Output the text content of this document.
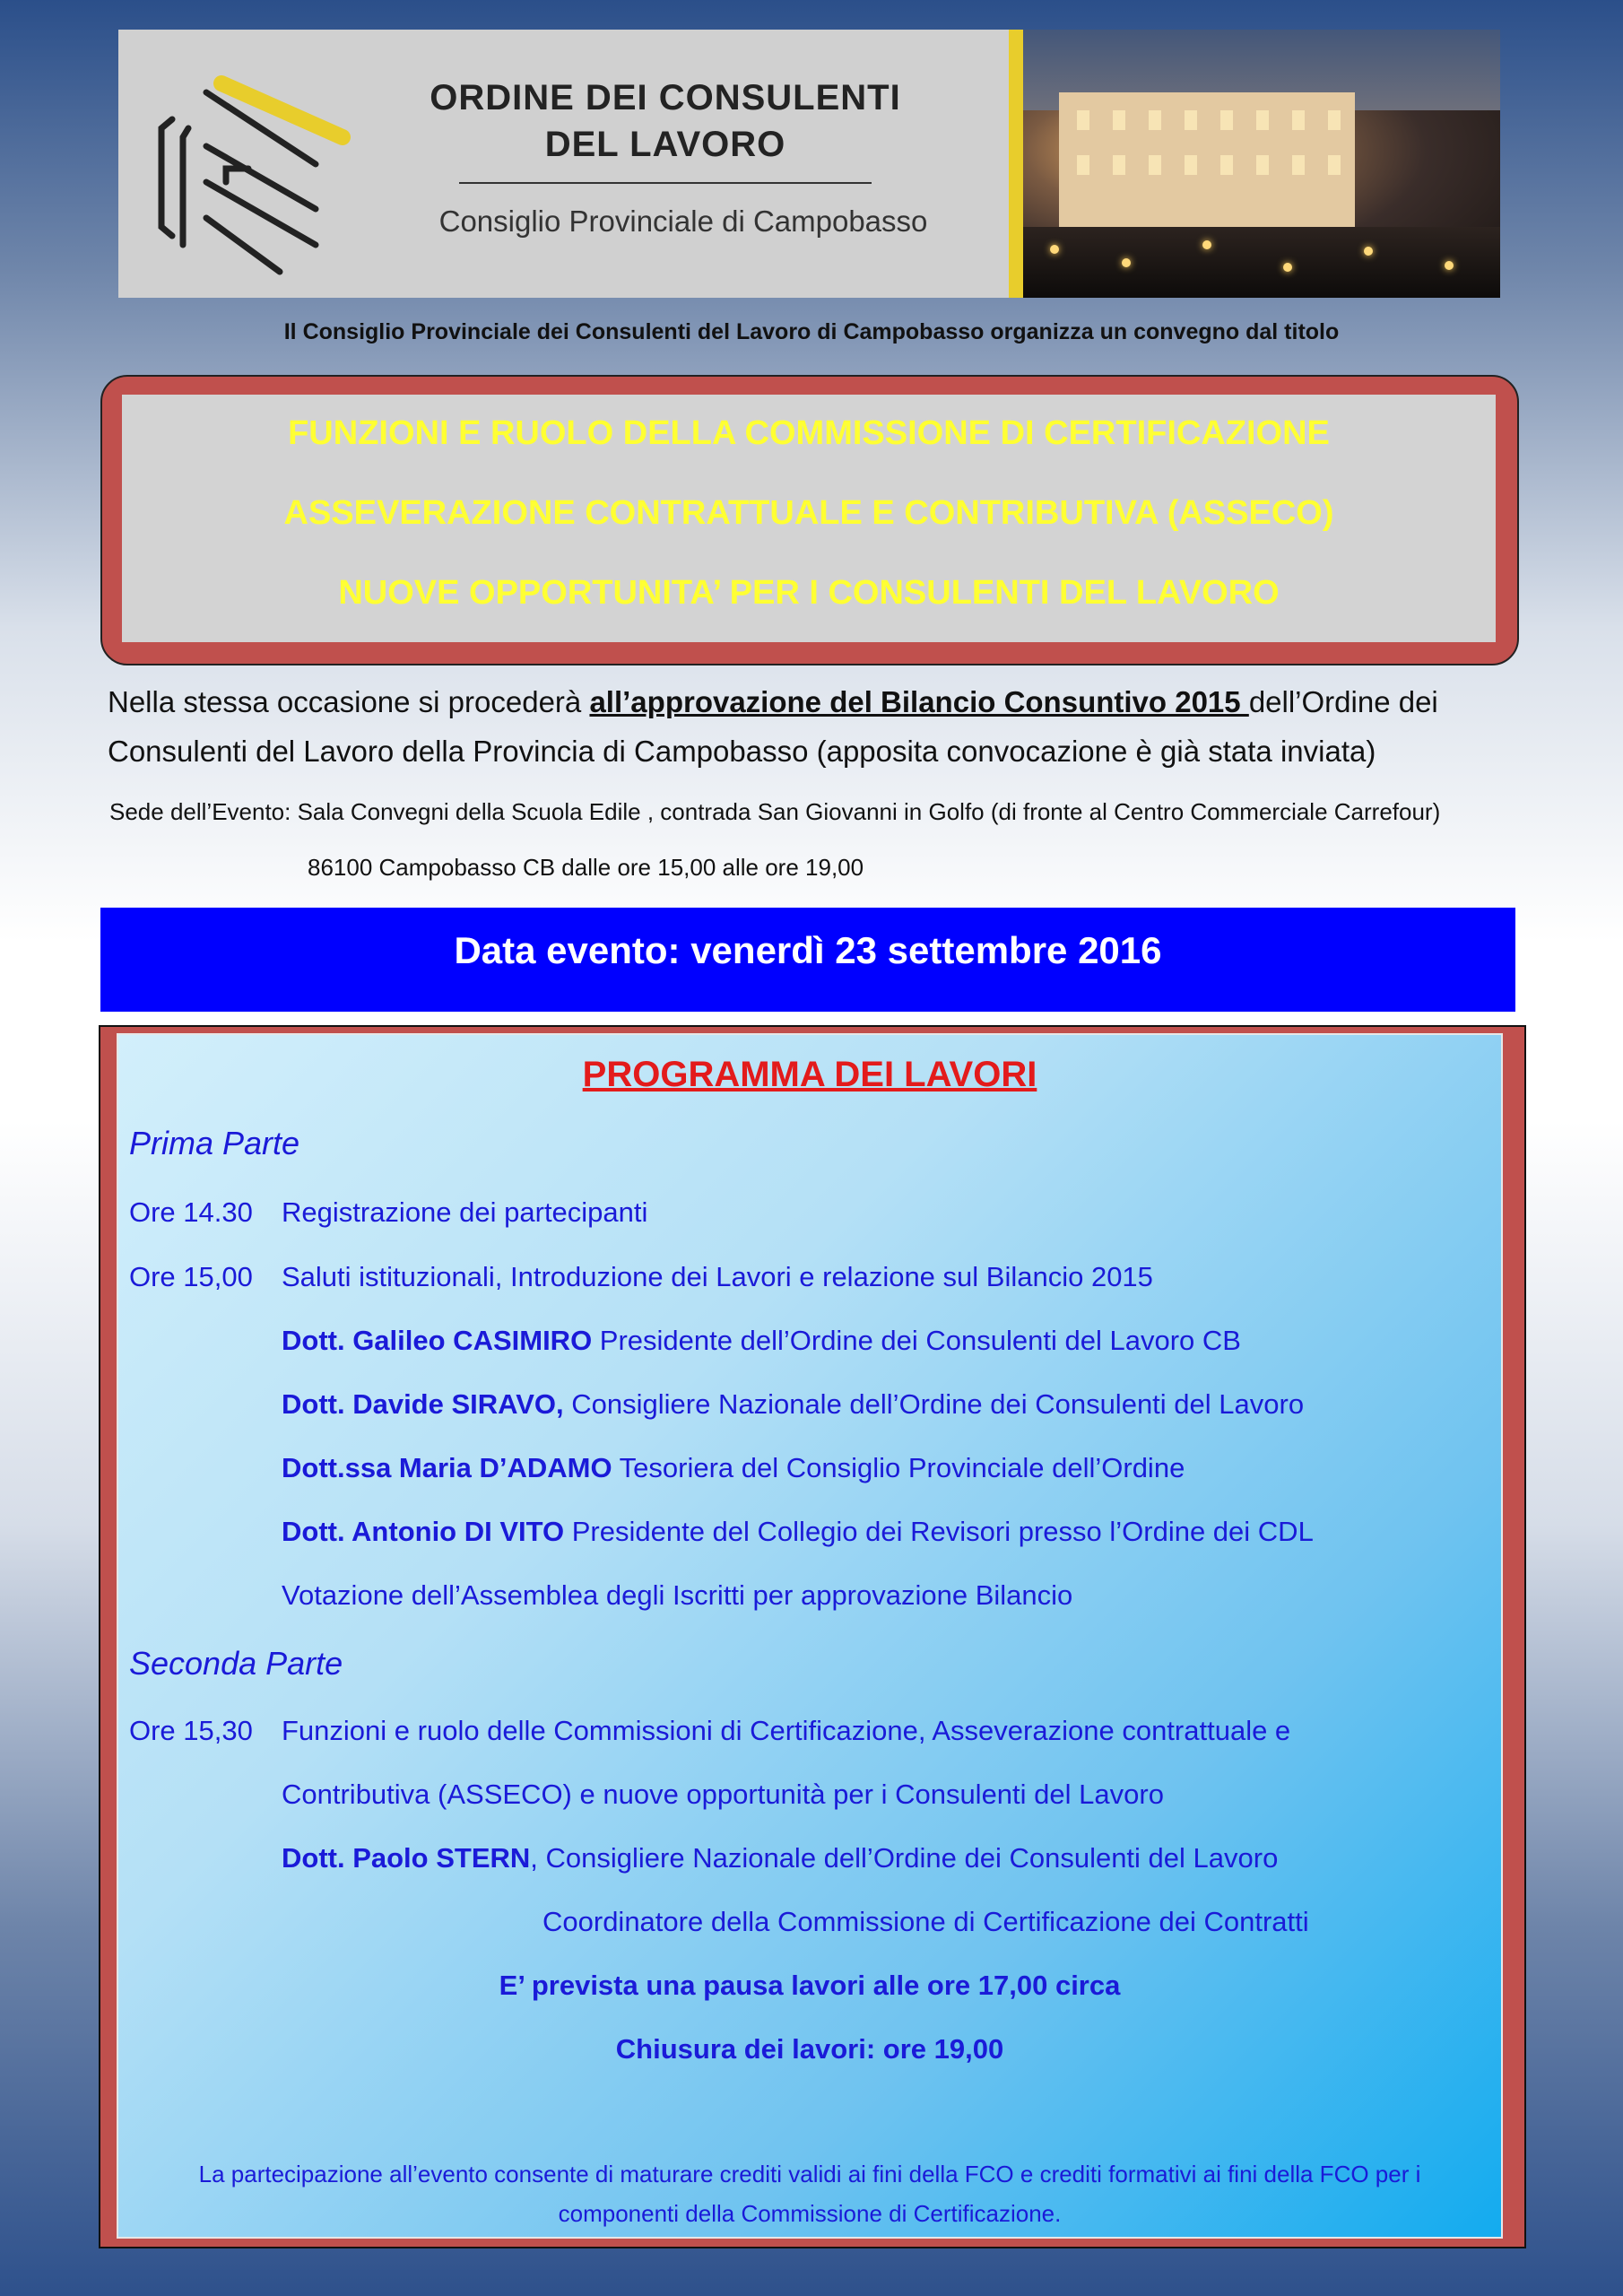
ORDINE DEI CONSULENTI
DEL LAVORO
Consiglio Provinciale di Campobasso
Il Consiglio Provinciale dei Consulenti del Lavoro di Campobasso organizza un convegno dal titolo
FUNZIONI E RUOLO DELLA COMMISSIONE DI CERTIFICAZIONE
ASSEVERAZIONE CONTRATTUALE E CONTRIBUTIVA (ASSECO)
NUOVE OPPORTUNITA’ PER I CONSULENTI DEL LAVORO
Nella stessa occasione si procederà all’approvazione del Bilancio Consuntivo 2015 dell’Ordine dei Consulenti del Lavoro della Provincia di Campobasso (apposita convocazione è già stata inviata)
Sede dell’Evento: Sala Convegni della Scuola Edile , contrada San Giovanni in Golfo (di fronte al Centro Commerciale Carrefour)
86100 Campobasso CB dalle ore 15,00 alle ore 19,00
Data evento: venerdì 23 settembre 2016
PROGRAMMA DEI LAVORI
Prima Parte
Ore 14.30 Registrazione dei partecipanti
Ore 15,00 Saluti istituzionali, Introduzione dei Lavori e relazione sul Bilancio 2015
Dott. Galileo CASIMIRO Presidente dell’Ordine dei Consulenti del Lavoro CB
Dott. Davide SIRAVO, Consigliere Nazionale dell’Ordine dei Consulenti del Lavoro
Dott.ssa Maria D’ADAMO Tesoriera del Consiglio Provinciale dell’Ordine
Dott. Antonio DI VITO Presidente del Collegio dei Revisori presso l’Ordine dei CDL
Votazione dell’Assemblea degli Iscritti per approvazione Bilancio
Seconda Parte
Ore 15,30 Funzioni e ruolo delle Commissioni di Certificazione, Asseverazione contrattuale e
Contributiva (ASSECO) e nuove opportunità per i Consulenti del Lavoro
Dott. Paolo STERN, Consigliere Nazionale dell’Ordine dei Consulenti del Lavoro
Coordinatore della Commissione di Certificazione dei Contratti
E’ prevista una pausa lavori alle ore 17,00 circa
Chiusura dei lavori: ore 19,00
La partecipazione all’evento consente di maturare crediti validi ai fini della FCO e crediti formativi ai fini della FCO per i componenti della Commissione di Certificazione.
